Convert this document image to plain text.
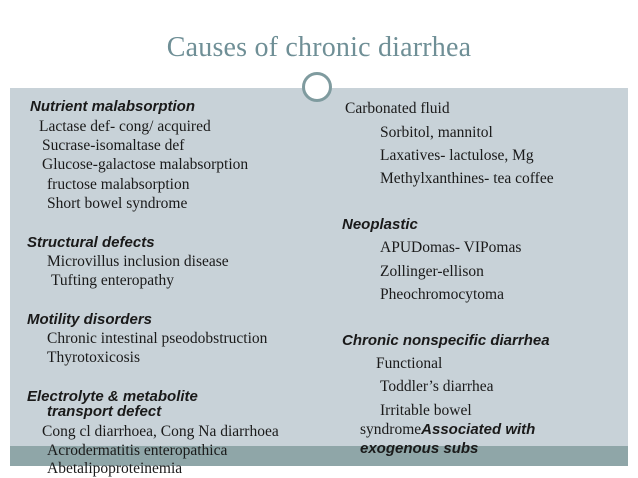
Causes of chronic diarrhea
Nutrient malabsorption
Lactase def- cong/ acquired
Sucrase-isomaltase def
Glucose-galactose malabsorption
fructose malabsorption
Short bowel syndrome
Structural defects
Microvillus inclusion disease
Tufting enteropathy
Motility disorders
Chronic intestinal pseodobstruction
Thyrotoxicosis
Electrolyte & metabolite
transport defect
Cong cl diarrhoea, Cong Na diarrhoea
Acrodermatitis enteropathica
Abetalipoproteinemia
Carbonated fluid
Sorbitol, mannitol
Laxatives- lactulose, Mg
Methylxanthines- tea coffee
Neoplastic
APUDomas- VIPomas
Zollinger-ellison
Pheochromocytoma
Chronic nonspecific diarrhea
Functional
Toddler’s diarrhea
Irritable bowel
syndromeAssociated with
exogenous subs
